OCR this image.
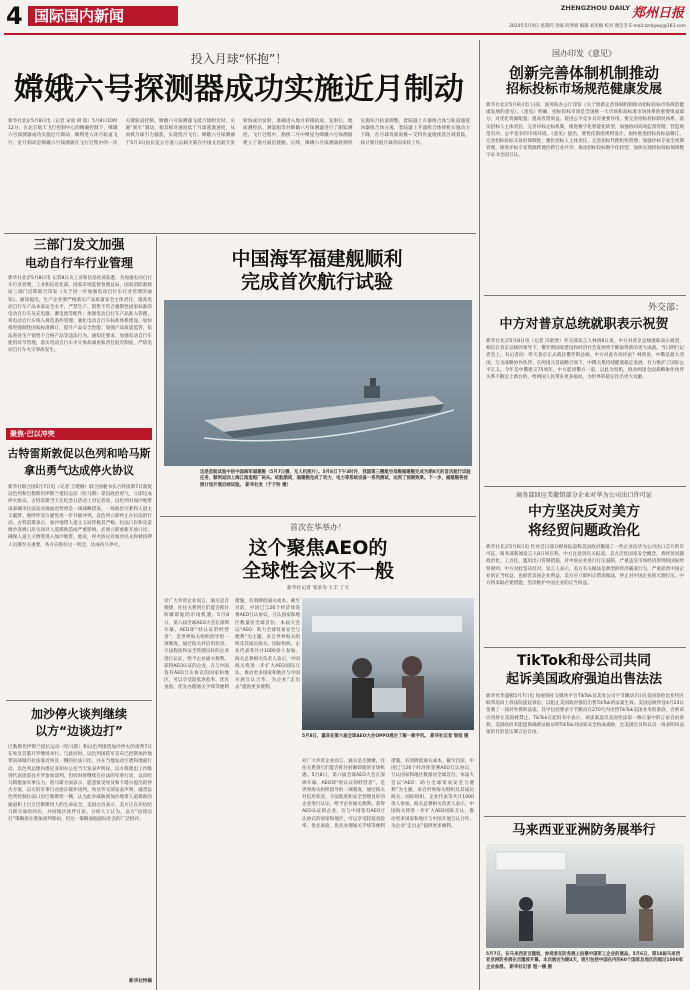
4 国际国内新闻	ZHENGZHOU DAILY 郑州日报
2024年5月9日 星期四 责编 何秀娟 编辑 刘亚楠 校对 谢会非 E-mail:zzrbywy@163.com
投入月球“怀抱”！
嫦娥六号探测器成功实施近月制动
新华社北京5月8日电（记者 宋晨 胡 喆）5月8日10时12分，在北京航天飞行控制中心的精确控制下，嫦娥六号探测器成功实施近月制动，顺利进入环月轨道飞行。近月制动是嫦娥六号探测器在飞行过程中的一次关键轨道控制。嫦娥六号探测器飞抵月球附近时，实施“刹车”制动，使其相对速度低于月球逃逸速度，从而被月球引力捕获，实现绕月飞行。嫦娥六号探测器于5月3日由长征五号遥八运载火箭在中国文昌航天发射场成功发射，准确进入地月转移轨道。发射后，地面测控站、测量船等对嫦娥六号探测器进行了跟踪测控。飞行过程中，鹊桥二号中继星为嫦娥六号探测器建立了地月通信链路。后续，嫦娥六号探测器将择机实施环月轨道调整，着陆器上升器组合体与轨道器返回器组合体分离，着陆器上升器组合体择机实施动力下降，在月球背面南极—艾特肯盆地预选区域着陆，按计划开展月球背面采样工作。
国办印发《意见》
创新完善体制机制推动
招标投标市场规范健康发展
新华社北京5月8日电 日前，国务院办公厅印发《关于创新完善体制机制推动招标投标市场规范健康发展的意见》。《意见》明确，招标投标市场是全国统一大市场和高标准市场体系的重要组成部分，对优化资源配置、提高投资效益、促进公平竞争具有重要作用。要完善招标投标制度体系，落实招标人主体责任，完善评标定标机制，推进数字化智能化转型，加强协同高效监督管理，营造规范有序、公平竞争的市场环境。《意见》提出，要优化制度规则设计，加快推进招标投标法修订，完善招标投标交易担保制度；强化招标人主体责任，完善招标代理机构管理；加强评标专家全周期管理，推进评标专家资源跨地区跨行业共享；推动招标投标数字化转型，加快实现招标投标领域数字证书全国互认。
三部门发文加强
电动自行车行业管理
新华社北京5月8日电 记者8日从工业和信息化部获悉，为加强电动自行车行业管理，工业和信息化部、国家市场监督管理总局、国家消防救援局三部门近期联合印发《关于进一步加强电动自行车行业管理的通知》。通知提出，生产企业要严格落实产品质量安全主体责任，提高电动自行车产品本质安全水平，严禁生产、销售不符合强制性国家标准的电动自行车及充电器、蓄电池等配件；加强电动自行车产品准入管理，将电动自行车纳入规范条件管理；强化电动自行车标准体系建设，加快推进强制性国家标准修订，提升产品安全性能；加强产品质量监管，依法查处生产销售不合格产品等违法行为。通知还要求，加强电动自行车使用环节管理，落实电动自行车火灾事故调查和责任追究制度，严防电动自行车火灾事故发生。
中国海军福建舰顺利
完成首次航行试验
这是首航试验中的中国海军福建舰（5月7日摄，无人机照片）。5月8日下午3时许，我国第三艘航空母舰福建舰完成为期8天的首次航行试验任务，顺利返回上海江南造船厂码头。试航期间，福建舰完成了动力、电力等系统设备一系列测试，达到了预期效果。下一步，福建舰将按照计划开展后续试验。 新华社发（于子铃 摄）
首次在华举办！
这个聚焦AEO的
全球性会议不一般
新华社记者 邹多为 王丰 丁天
对广大外贸企业而言，通关是否便捷，往往关系到它们能否抓住转瞬即逝的市场机遇。5月8日，第六届全球AEO大会在深圳开幕。AEO即“经认证的经营者”，是世界海关组织倡导的一项制度，通过海关对信用状况、守法程度和安全管理良好的企业进行认证，给予企业通关便利。获得AEO认证的企业，在与中国签有AEO互认协议的国家和地区，可以享受较低查验率、优先查验、优先办理通关手续等便利措施，有效降低通关成本。截至目前，中国已与26个经济体签署AEO互认协议，互认国家和地区数量居全球首位。本届大会以“AEO：助力全球贸易安全与便利”为主题，来自世界海关组织及其成员海关、国际组织、企业代表等共计1000余人参加。海关总署相关负责人表示，中国海关将进一步扩大AEO国际互认，推动更多国家和地区与中国开展互认合作，为企业“走出去”提供更多便利。
5月8日，嘉宾在第六届全球AEO大会OPPO展台了解一款手机。 新华社记者 梁旭 摄
对广大外贸企业而言，通关是否便捷，往往关系到它们能否抓住转瞬即逝的市场机遇。5月8日，第六届全球AEO大会在深圳开幕。AEO即“经认证的经营者”，是世界海关组织倡导的一项制度，通过海关对信用状况、守法程度和安全管理良好的企业进行认证，给予企业通关便利。获得AEO认证的企业，在与中国签有AEO互认协议的国家和地区，可以享受较低查验率、优先查验、优先办理通关手续等便利措施，有效降低通关成本。截至目前，中国已与26个经济体签署AEO互认协议，互认国家和地区数量居全球首位。本届大会以“AEO：助力全球贸易安全与便利”为主题，来自世界海关组织及其成员海关、国际组织、企业代表等共计1000余人参加。海关总署相关负责人表示，中国海关将进一步扩大AEO国际互认，推动更多国家和地区与中国开展互认合作，为企业“走出去”提供更多便利。
聚焦·巴以冲突
古特雷斯敦促以色列和哈马斯
拿出勇气达成停火协议
新华社联合国5月7日电（记者 王建刚）联合国秘书长古特雷斯7日敦促以色列和巴勒斯坦伊斯兰抵抗运动（哈马斯）拿出政治勇气，立即达成停火协议。古特雷斯当天在纪念日活动上对记者说，以色列对加沙地带南部城市拉法发动地面攻势将是一场战略错误，一场政治灾难和人道主义噩梦。他呼吁双方避免进一步升级冲突，以色列立即停止在拉法的行动。古特雷斯表示，加沙地带人道主义局势极其严峻，拉法口岸和克雷姆沙洛姆口岸关闭对人道援助造成严重影响，必须立即重新开放口岸，确保人道主义物资进入加沙地带。他说，停火协议对加沙民众和被扣押人员都至关重要，各方应抓住这一机会，达成持久停火。
加沙停火谈判继续
以方“边谈边打”
巴勒斯坦伊斯兰抵抗运动（哈马斯）和以色列围绕加沙停火的谈判7日在埃及首都开罗继续举行。与此同时，以色列国防军宣布已控制加沙地带南部城市拉法靠近埃及一侧的拉法口岸，并在当地发动空袭和地面行动。以色列总理内塔尼亚胡办公室当天发表声明说，以方将派出工作级别代表团前往开罗参加谈判，但同时将继续在拉法的军事行动，以向哈马斯施加军事压力。哈马斯方面表示，愿意接受埃及和卡塔尔提出的停火方案，以方的军事行动意在破坏谈判。埃及外交部发表声明，谴责以色列控制拉法口岸巴勒斯坦一侧，认为此举威胁到加沙地带人道援助的通道和上百万巴勒斯坦人的生命安全。美国白宫表示，美方正在评估哈马斯方面的回应，并同地区伙伴讨论。分析人士认为，以方“边谈边打”策略意在增加谈判筹码，但这一策略面临国际社会的广泛批评。
新华社特稿
外交部：
中方对普京总统就职表示祝贺
新华社北京5月8日电（记者 冯歆然）外交部发言人林剑8日说，中方对普京总统就职表示祝贺，相信在普京总统的领导下，俄罗斯国家建设和经济社会发展将不断取得新的更大成就。当日例行记者会上，有记者问：昨天普京正式就任俄罗斯总统。中方对此有何评论？林剑说，中俄是最大邻国，互为战略协作伙伴。在两国元首战略引领下，中俄关系持续健康稳定发展，有力维护了国际公平正义。今年是中俄建交75周年，中方愿同俄方一道，以此为契机，推动两国全面战略协作伙伴关系不断迈上新台阶，给两国人民带来更多福祉，为世界的稳定作出更大贡献。
商务部回应美撤销部分企业对华为公司出口许可证
中方坚决反对美方
将经贸问题政治化
新华社北京5月8日电 针对近日部分媒体报道称美国政府撤销了一些企业向华为公司出口芯片的许可证，商务部新闻发言人8日回应称，中方注意到有关报道。美方泛化国家安全概念，将经贸问题政治化、工具化，滥用出口管制措施，对中国企业进行打压遏制，严重违反市场经济原则和国际经贸规则，中方对此坚决反对。发言人表示，美方有关做法是典型的经济霸凌行为，严重损害中国企业的正当权益，也损害美国企业利益。美方应立即纠正错误做法，停止对中国企业的无理打压。中方将采取必要措施，坚决维护中国企业的正当权益。
TikTok和母公司共同
起诉美国政府强迫出售法法
新华社华盛顿5月7日电 短视频社交媒体平台TikTok及其母公司字节跳动7日向美国哥伦比亚特区联邦巡回上诉法院提起诉讼，以阻止美国政府强迫出售TikTok的法案生效。美国总统拜登4月24日签署了一项对外援助法案，其中包括要求字节跳动在270天内出售TikTok美国业务的条款，否则该应用将在美国被禁止。TikTok在起诉书中表示，该法案违反美国宪法第一修正案中的言论自由条款。美国政府未能提供确凿证据证明TikTok对国家安全构成威胁，且美国官员和议员一再表明该法案的目的是压制言论自由。
马来西亚亚洲防务展举行
5月7日，在马来西亚吉隆坡，参观者在防务展上拍摄中国军工企业的展品。5月6日，第18届马来西亚亚洲防务展在吉隆坡开幕。本次展会为期4天，吸引包括中国在内的60个国家及地区的超过1000家企业参展。 新华社记者 程一楠 摄
